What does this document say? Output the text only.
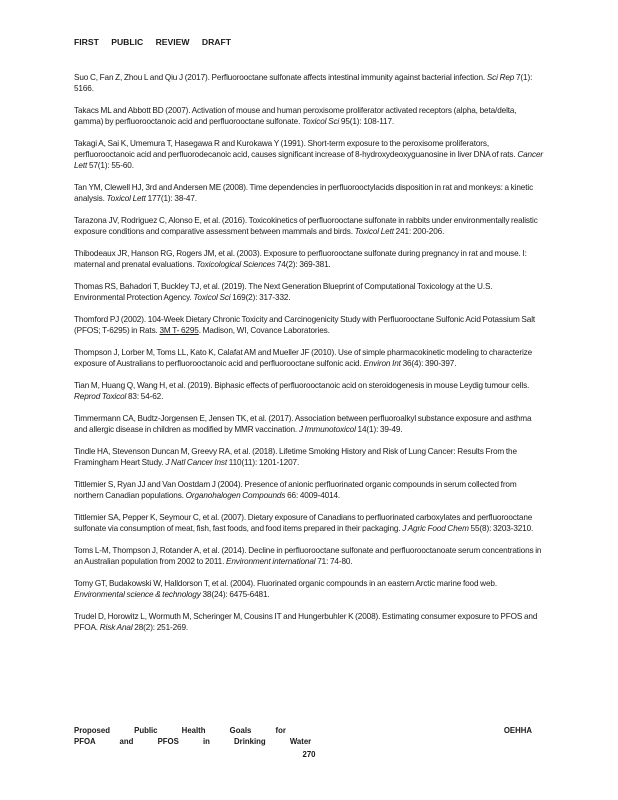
FIRST PUBLIC REVIEW DRAFT

Suo C, Fan Z, Zhou L and Qiu J (2017). Perfluorooctane sulfonate affects intestinal immunity against bacterial infection. Sci Rep 7(1): 5166.

Takacs ML and Abbott BD (2007). Activation of mouse and human peroxisome proliferator activated receptors (alpha, beta/delta, gamma) by perfluorooctanoic acid and perfluorooctane sulfonate. Toxicol Sci 95(1): 108-117.

Takagi A, Sai K, Umemura T, Hasegawa R and Kurokawa Y (1991). Short-term exposure to the peroxisome proliferators, perfluorooctanoic acid and perfluorodecanoic acid, causes significant increase of 8-hydroxydeoxyguanosine in liver DNA of rats. Cancer Lett 57(1): 55-60.

Tan YM, Clewell HJ, 3rd and Andersen ME (2008). Time dependencies in perfluorooctylacids disposition in rat and monkeys: a kinetic analysis. Toxicol Lett 177(1): 38-47.

Tarazona JV, Rodriguez C, Alonso E, et al. (2016). Toxicokinetics of perfluorooctane sulfonate in rabbits under environmentally realistic exposure conditions and comparative assessment between mammals and birds. Toxicol Lett 241: 200-206.

Thibodeaux JR, Hanson RG, Rogers JM, et al. (2003). Exposure to perfluorooctane sulfonate during pregnancy in rat and mouse. I: maternal and prenatal evaluations. Toxicological Sciences 74(2): 369-381.

Thomas RS, Bahadori T, Buckley TJ, et al. (2019). The Next Generation Blueprint of Computational Toxicology at the U.S. Environmental Protection Agency. Toxicol Sci 169(2): 317-332.

Thomford PJ (2002). 104-Week Dietary Chronic Toxicity and Carcinogenicity Study with Perfluorooctane Sulfonic Acid Potassium Salt (PFOS; T-6295) in Rats. 3M T- 6295. Madison, WI, Covance Laboratories.

Thompson J, Lorber M, Toms LL, Kato K, Calafat AM and Mueller JF (2010). Use of simple pharmacokinetic modeling to characterize exposure of Australians to perfluorooctanoic acid and perfluorooctane sulfonic acid. Environ Int 36(4): 390-397.

Tian M, Huang Q, Wang H, et al. (2019). Biphasic effects of perfluorooctanoic acid on steroidogenesis in mouse Leydig tumour cells. Reprod Toxicol 83: 54-62.

Timmermann CA, Budtz-Jorgensen E, Jensen TK, et al. (2017). Association between perfluoroalkyl substance exposure and asthma and allergic disease in children as modified by MMR vaccination. J Immunotoxicol 14(1): 39-49.

Tindle HA, Stevenson Duncan M, Greevy RA, et al. (2018). Lifetime Smoking History and Risk of Lung Cancer: Results From the Framingham Heart Study. J Natl Cancer Inst 110(11): 1201-1207.

Tittlemier S, Ryan JJ and Van Oostdam J (2004). Presence of anionic perfluorinated organic compounds in serum collected from northern Canadian populations. Organohalogen Compounds 66: 4009-4014.

Tittlemier SA, Pepper K, Seymour C, et al. (2007). Dietary exposure of Canadians to perfluorinated carboxylates and perfluorooctane sulfonate via consumption of meat, fish, fast foods, and food items prepared in their packaging. J Agric Food Chem 55(8): 3203-3210.

Toms L-M, Thompson J, Rotander A, et al. (2014). Decline in perfluorooctane sulfonate and perfluorooctanoate serum concentrations in an Australian population from 2002 to 2011. Environment international 71: 74-80.

Tomy GT, Budakowski W, Halldorson T, et al. (2004). Fluorinated organic compounds in an eastern Arctic marine food web. Environmental science & technology 38(24): 6475-6481.

Trudel D, Horowitz L, Wormuth M, Scheringer M, Cousins IT and Hungerbuhler K (2008). Estimating consumer exposure to PFOS and PFOA. Risk Anal 28(2): 251-269.

Proposed Public Health Goals for	OEHHA
PFOA and PFOS in Drinking Water
270
